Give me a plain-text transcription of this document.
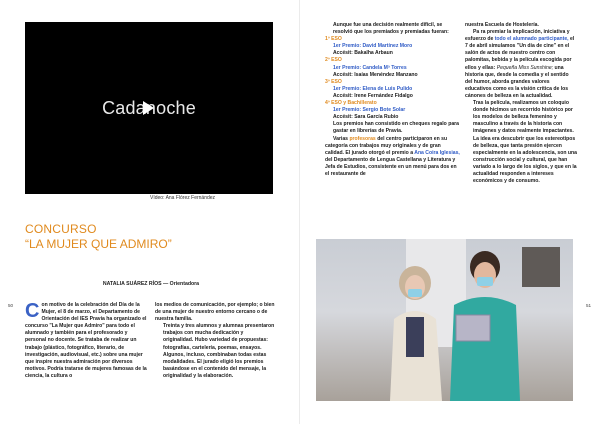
Cadanoche
Vídeo: Ana Flórez Fernández
CONCURSO
“LA MUJER QUE ADMIRO”
NATALIA SUÁREZ RÍOS — Orientadora
50 C on motivo de la celebración del Día de la Mujer, el 8 de marzo, el Departamento de Orientación del IES Pravia ha organizado el concurso "La Mujer que Admiro" para todo el alumnado y también para el profesorado y personal no docente. Se trataba de realizar un trabajo (plástico, fotográfico, literario, de investigación, audiovisual, etc.) sobre una mujer que inspire nuestra admiración por diversos motivos. Podría tratarse de mujeres famosas de la ciencia, la cultura o
los medios de comunicación, por ejemplo; o bien de una mujer de nuestro entorno cercano o de nuestra familia.
Treinta y tres alumnos y alumnas presentaron trabajos con mucha dedicación y originalidad. Hubo variedad de propuestas: fotografías, cartelería, poemas, ensayos. Algunos, incluso, combinaban todas estas modalidades. El jurado eligió los premios basándose en el contenido del mensaje, la originalidad y la elaboración.
Aunque fue una decisión realmente difícil, se resolvió que los premiados y premiadas fueran:
1º ESO
1er Premio: David Martínez Moro
Accésit: Bakalha Arbaun
2º ESO
1er Premio: Candela Mª Torres
Accésit: Isaías Menéndez Manzano
3º ESO
1er Premio: Elena de Luis Pulido
Accésit: Irene Fernández Fidalgo
4º ESO y Bachillerato
1er Premio: Sergio Bote Solar
Accésit: Sara García Rubio
Los premios han consistido en cheques regalo para gastar en librerías de Pravia.
Varias profesoras del centro participaron en su categoría con trabajos muy originales y de gran calidad. El jurado otorgó el premio a Ana Coira Iglesias, del Departamento de Lengua Castellana y Literatura y Jefa de Estudios, consistente en un menú para dos en el restaurante de
nuestra Escuela de Hostelería.
Pa ra premiar la implicación, iniciativa y esfuerzo de todo el alumnado participante, el 7 de abril simulamos "Un día de cine" en el salón de actos de nuestro centro con palomitas, bebida y la película escogida por ellos y ellas: Pequeña Miss Sunshine; una historia que, desde la comedia y el sentido del humor, aborda grandes valores educativos como es la visión crítica de los cánones de belleza en la actualidad.
Tras la película, realizamos un coloquio donde hicimos un recorrido histórico por los modelos de belleza femenino y masculino a través de la historia con imágenes y datos realmente impactantes. La idea era descubrir que los estereotipos de belleza, que tanta presión ejercen especialmente en la adolescencia, son una construcción social y cultural, que han variado a lo largo de los siglos, y que en la actualidad responden a intereses económicos y de consumo.
51
